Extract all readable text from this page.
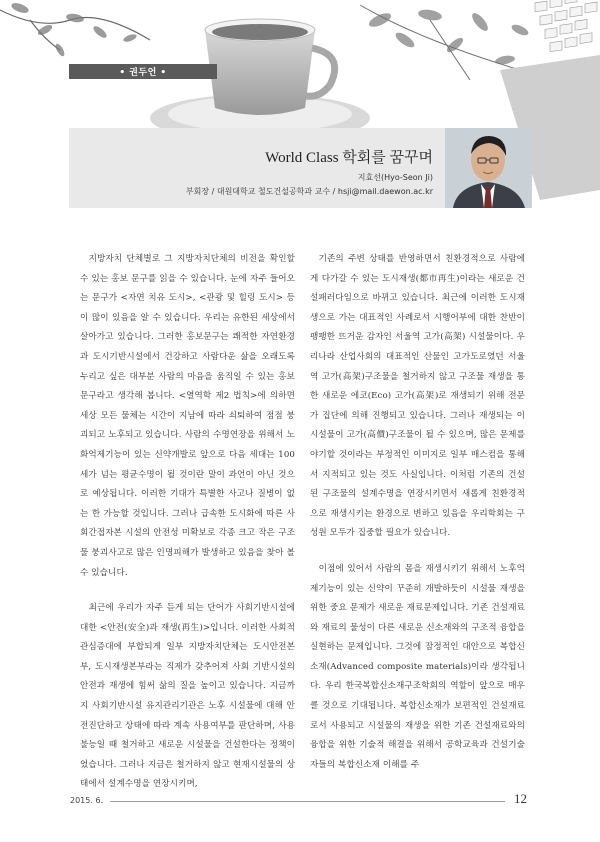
• 권두언 •
World Class 학회를 꿈꾸며
지효선(Hyo-Seon Ji)
부회장 / 대원대학교 철도건설공학과 교수 / hsji@mail.daewon.ac.kr

지방자치 단체별로 그 지방자치단체의 비전을 확인할 수 있는 홍보 문구를 읽을 수 있습니다. 눈에 자주 들어오는 문구가 <자연 치유 도시>, <관광 및 힐링 도시> 등이 많이 있음을 알 수 있습니다. 우리는 유한된 세상에서 살아가고 있습니다. 그러한 홍보문구는 쾌적한 자연환경과 도시기반시설에서 건강하고 사람다운 삶을 오래도록 누리고 싶은 대부분 사람의 마음을 움직일 수 있는 홍보문구라고 생각해 봅니다. <열역학 제2 법칙>에 의하면 세상 모든 물체는 시간이 지남에 따라 쇠퇴하여 점점 붕괴되고 노후되고 있습니다. 사람의 수명연장을 위해서 노화억제기능이 있는 신약개발로 앞으로 다음 세대는 100세가 넘는 평균수명이 될 것이란 말이 과언이 아닌 것으로 예상됩니다. 이러한 기대가 특별한 사고나 질병이 없는 한 가능할 것입니다. 그러나 급속한 도시화에 따른 사회간접자본 시설의 안전성 미확보로 각종 크고 작은 구조물 붕괴사고로 많은 인명피해가 발생하고 있음을 찾아 볼 수 있습니다.

최근에 우리가 자주 듣게 되는 단어가 사회기반시설에 대한 <안전(安全)과 재생(再生)>입니다. 이러한 사회적 관심증대에 부합되게 일부 지방자치단체는 도시안전본부, 도시재생본부라는 직제가 갖추어져 사회 기반시설의 안전과 재생에 힘써 삶의 질을 높이고 있습니다. 지금까지 사회기반시설 유지관리기관은 노후 시설물에 대해 안전진단하고 상태에 따라 계속 사용여부를 판단하며, 사용 불능일 때 철거하고 새로운 시설물을 건설한다는 정책이었습니다. 그러나 지금은 철거하지 않고 현재시설물의 상태에서 설계수명을 연장시키며,

기존의 주변 상태를 반영하면서 친환경적으로 사람에게 다가갈 수 있는 도시재생(都市再生)이라는 새로운 건설패러다임으로 바뀌고 있습니다. 최근에 이러한 도시재생으로 가는 대표적인 사례로서 시행어부에 대한 찬반이 팽팽한 뜨거운 감자인 서울역 고가(高架) 시설물이다. 우리나라 산업사회의 대표적인 산물인 고가도로였던 서울역 고가(高架)구조물을 철거하지 않고 구조물 재생을 통한 새로운 에코(Eco) 고가(高架)로 재생되기 위해 전문가 집단에 의해 진행되고 있습니다. 그러나 재생되는 이 시설물이 고가(高價)구조물이 될 수 있으며, 많은 문제를 야기할 것이라는 부정적인 이미지로 일부 매스컴을 통해서 지적되고 있는 것도 사실입니다. 이처럼 기존의 건설된 구조물의 설계수명을 연장시키면서 새롭게 친환경적으로 재생시키는 환경으로 변하고 있음을 우리학회는 구성원 모두가 집중할 필요가 있습니다.

이점에 있어서 사람의 몸을 재생시키기 위해서 노후억제기능이 있는 신약이 꾸준히 개발하듯이 시설물 재생을 위한 중요 문제가 새로운 재료문제입니다. 기존 건설재료와 재료의 물성이 다른 새로운 신소재와의 구조적 융합을 실현하는 문제입니다. 그것에 잠정적인 대안으로 복합신소재(Advanced composite materials)이라 생각됩니다. 우리 한국복합신소재구조학회의 역할이 앞으로 매우 클 것으로 기대됩니다. 복합신소재가 보편적인 건설재료로서 사용되고 시설물의 재생을 위한 기존 건설재료와의 융합을 위한 기술적 해결을 위해서 공학교육과 건설기술자들의 복합신소재 이해를 주

2015. 6.	12
